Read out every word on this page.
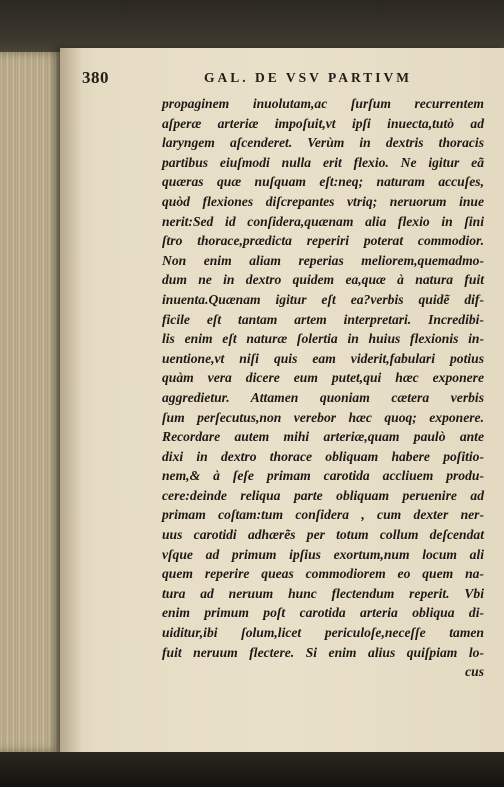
380	GAL. DE VSV PARTIVM
propaginem inuolutam,ac ſurſum recurrentem
aſperæ arteriæ impoſuit,vt ipſi inuecta,tutò ad
laryngem aſcenderet. Verùm in dextris thoracis
partibus eiuſmodi nulla erit flexio. Ne igitur eã
quæras quæ nuſquam eſt:neq; naturam accuſes,
quòd flexiones diſcrepantes vtriq; neruorum inue
nerit:Sed id conſidera,quænam alia flexio in ſini
ſtro thorace,prædicta reperiri poterat commodior.
Non enim aliam reperias meliorem,quemadmo-
dum ne in dextro quidem ea,quæ à natura fuit
inuenta.Quænam igitur eſt ea?verbis quidẽ dif-
ficile eſt tantam artem interpretari. Incredibi-
lis enim eſt naturæ ſolertia in huius flexionis in-
uentione,vt niſi quis eam viderit,fabulari potius
quàm vera dicere eum putet,qui hæc exponere
aggredietur. Attamen quoniam cætera verbis
ſum perſecutus,non verebor hæc quoq; exponere.
Recordare autem mihi arteriæ,quam paulò ante
dixi in dextro thorace obliquam habere poſitio-
nem,& à ſeſe primam carotida accliuem produ-
cere:deinde reliqua parte obliquam peruenire ad
primam coſtam:tum conſidera , cum dexter ner-
uus carotidi adhærẽs per totum collum deſcendat
vſque ad primum ipſius exortum,num locum ali
quem reperire queas commodiorem eo quem na-
tura ad neruum hunc flectendum reperit. Vbi
enim primum poſt carotida arteria obliqua di-
uiditur,ibi ſolum,licet periculoſe,neceſſe tamen
fuit neruum flectere. Si enim alius quiſpiam lo-
cus
